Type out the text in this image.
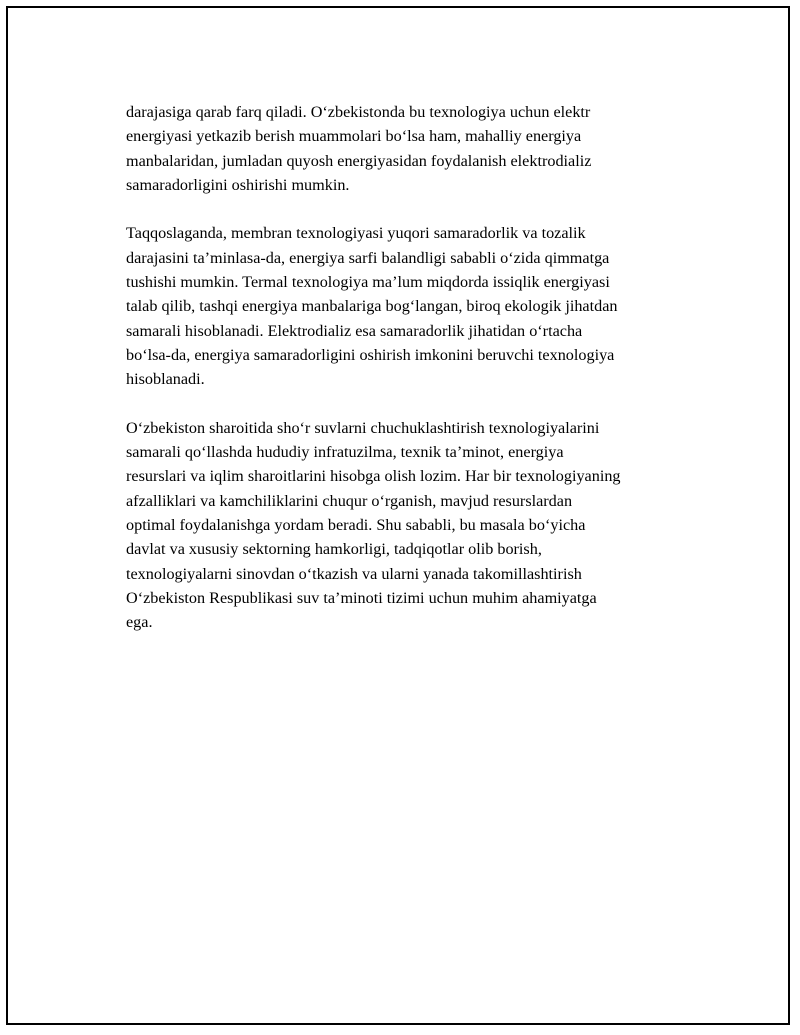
darajasiga qarab farq qiladi. O‘zbekistonda bu texnologiya uchun elektr
energiyasi yetkazib berish muammolari bo‘lsa ham, mahalliy energiya
manbalaridan, jumladan quyosh energiyasidan foydalanish elektrodializ
samaradorligini oshirishi mumkin.

Taqqoslaganda, membran texnologiyasi yuqori samaradorlik va tozalik
darajasini ta’minlasa-da, energiya sarfi balandligi sababli o‘zida qimmatga
tushishi mumkin. Termal texnologiya ma’lum miqdorda issiqlik energiyasi
talab qilib, tashqi energiya manbalariga bog‘langan, biroq ekologik jihatdan
samarali hisoblanadi. Elektrodializ esa samaradorlik jihatidan o‘rtacha
bo‘lsa-da, energiya samaradorligini oshirish imkonini beruvchi texnologiya
hisoblanadi.

O‘zbekiston sharoitida sho‘r suvlarni chuchuklashtirish texnologiyalarini
samarali qo‘llashda hududiy infratuzilma, texnik ta’minot, energiya
resurslari va iqlim sharoitlarini hisobga olish lozim. Har bir texnologiyaning
afzalliklari va kamchiliklarini chuqur o‘rganish, mavjud resurslardan
optimal foydalanishga yordam beradi. Shu sababli, bu masala bo‘yicha
davlat va xususiy sektorning hamkorligi, tadqiqotlar olib borish,
texnologiyalarni sinovdan o‘tkazish va ularni yanada takomillashtirish
O‘zbekiston Respublikasi suv ta’minoti tizimi uchun muhim ahamiyatga
ega.
